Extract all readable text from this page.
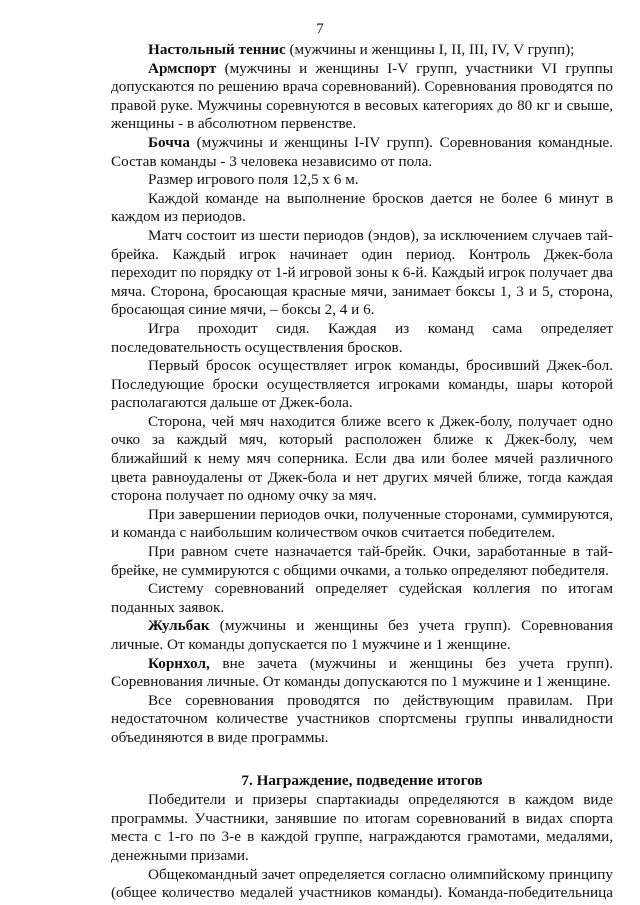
7

Настольный теннис (мужчины и женщины I, II, III, IV, V групп);

Армспорт (мужчины и женщины I-V групп, участники VI группы допускаются по решению врача соревнований). Соревнования проводятся по правой руке. Мужчины соревнуются в весовых категориях до 80 кг и свыше, женщины - в абсолютном первенстве.

Бочча (мужчины и женщины I-IV групп). Соревнования командные. Состав команды - 3 человека независимо от пола.

Размер игрового поля 12,5 х 6 м.

Каждой команде на выполнение бросков дается не более 6 минут в каждом из периодов.

Матч состоит из шести периодов (эндов), за исключением случаев тай-брейка. Каждый игрок начинает один период. Контроль Джек-бола переходит по порядку от 1-й игровой зоны к 6-й. Каждый игрок получает два мяча. Сторона, бросающая красные мячи, занимает боксы 1, 3 и 5, сторона, бросающая синие мячи, – боксы 2, 4 и 6.

Игра проходит сидя. Каждая из команд сама определяет последовательность осуществления бросков.

Первый бросок осуществляет игрок команды, бросивший Джек-бол. Последующие броски осуществляется игроками команды, шары которой располагаются дальше от Джек-бола.

Сторона, чей мяч находится ближе всего к Джек-болу, получает одно очко за каждый мяч, который расположен ближе к Джек-болу, чем ближайший к нему мяч соперника. Если два или более мячей различного цвета равноудалены от Джек-бола и нет других мячей ближе, тогда каждая сторона получает по одному очку за мяч.

При завершении периодов очки, полученные сторонами, суммируются, и команда с наибольшим количеством очков считается победителем.

При равном счете назначается тай-брейк. Очки, заработанные в тай-брейке, не суммируются с общими очками, а только определяют победителя.

Систему соревнований определяет судейская коллегия по итогам поданных заявок.

Жульбак (мужчины и женщины без учета групп). Соревнования личные. От команды допускается по 1 мужчине и 1 женщине.

Корнхол, вне зачета (мужчины и женщины без учета групп). Соревнования личные. От команды допускаются по 1 мужчине и 1 женщине.

Все соревнования проводятся по действующим правилам. При недостаточном количестве участников спортсмены группы инвалидности объединяются в виде программы.

7. Награждение, подведение итогов

Победители и призеры спартакиады определяются в каждом виде программы. Участники, занявшие по итогам соревнований в видах спорта места с 1-го по 3-е в каждой группе, награждаются грамотами, медалями, денежными призами.

Общекомандный зачет определяется согласно олимпийскому принципу (общее количество медалей участников команды). Команда-победительница
